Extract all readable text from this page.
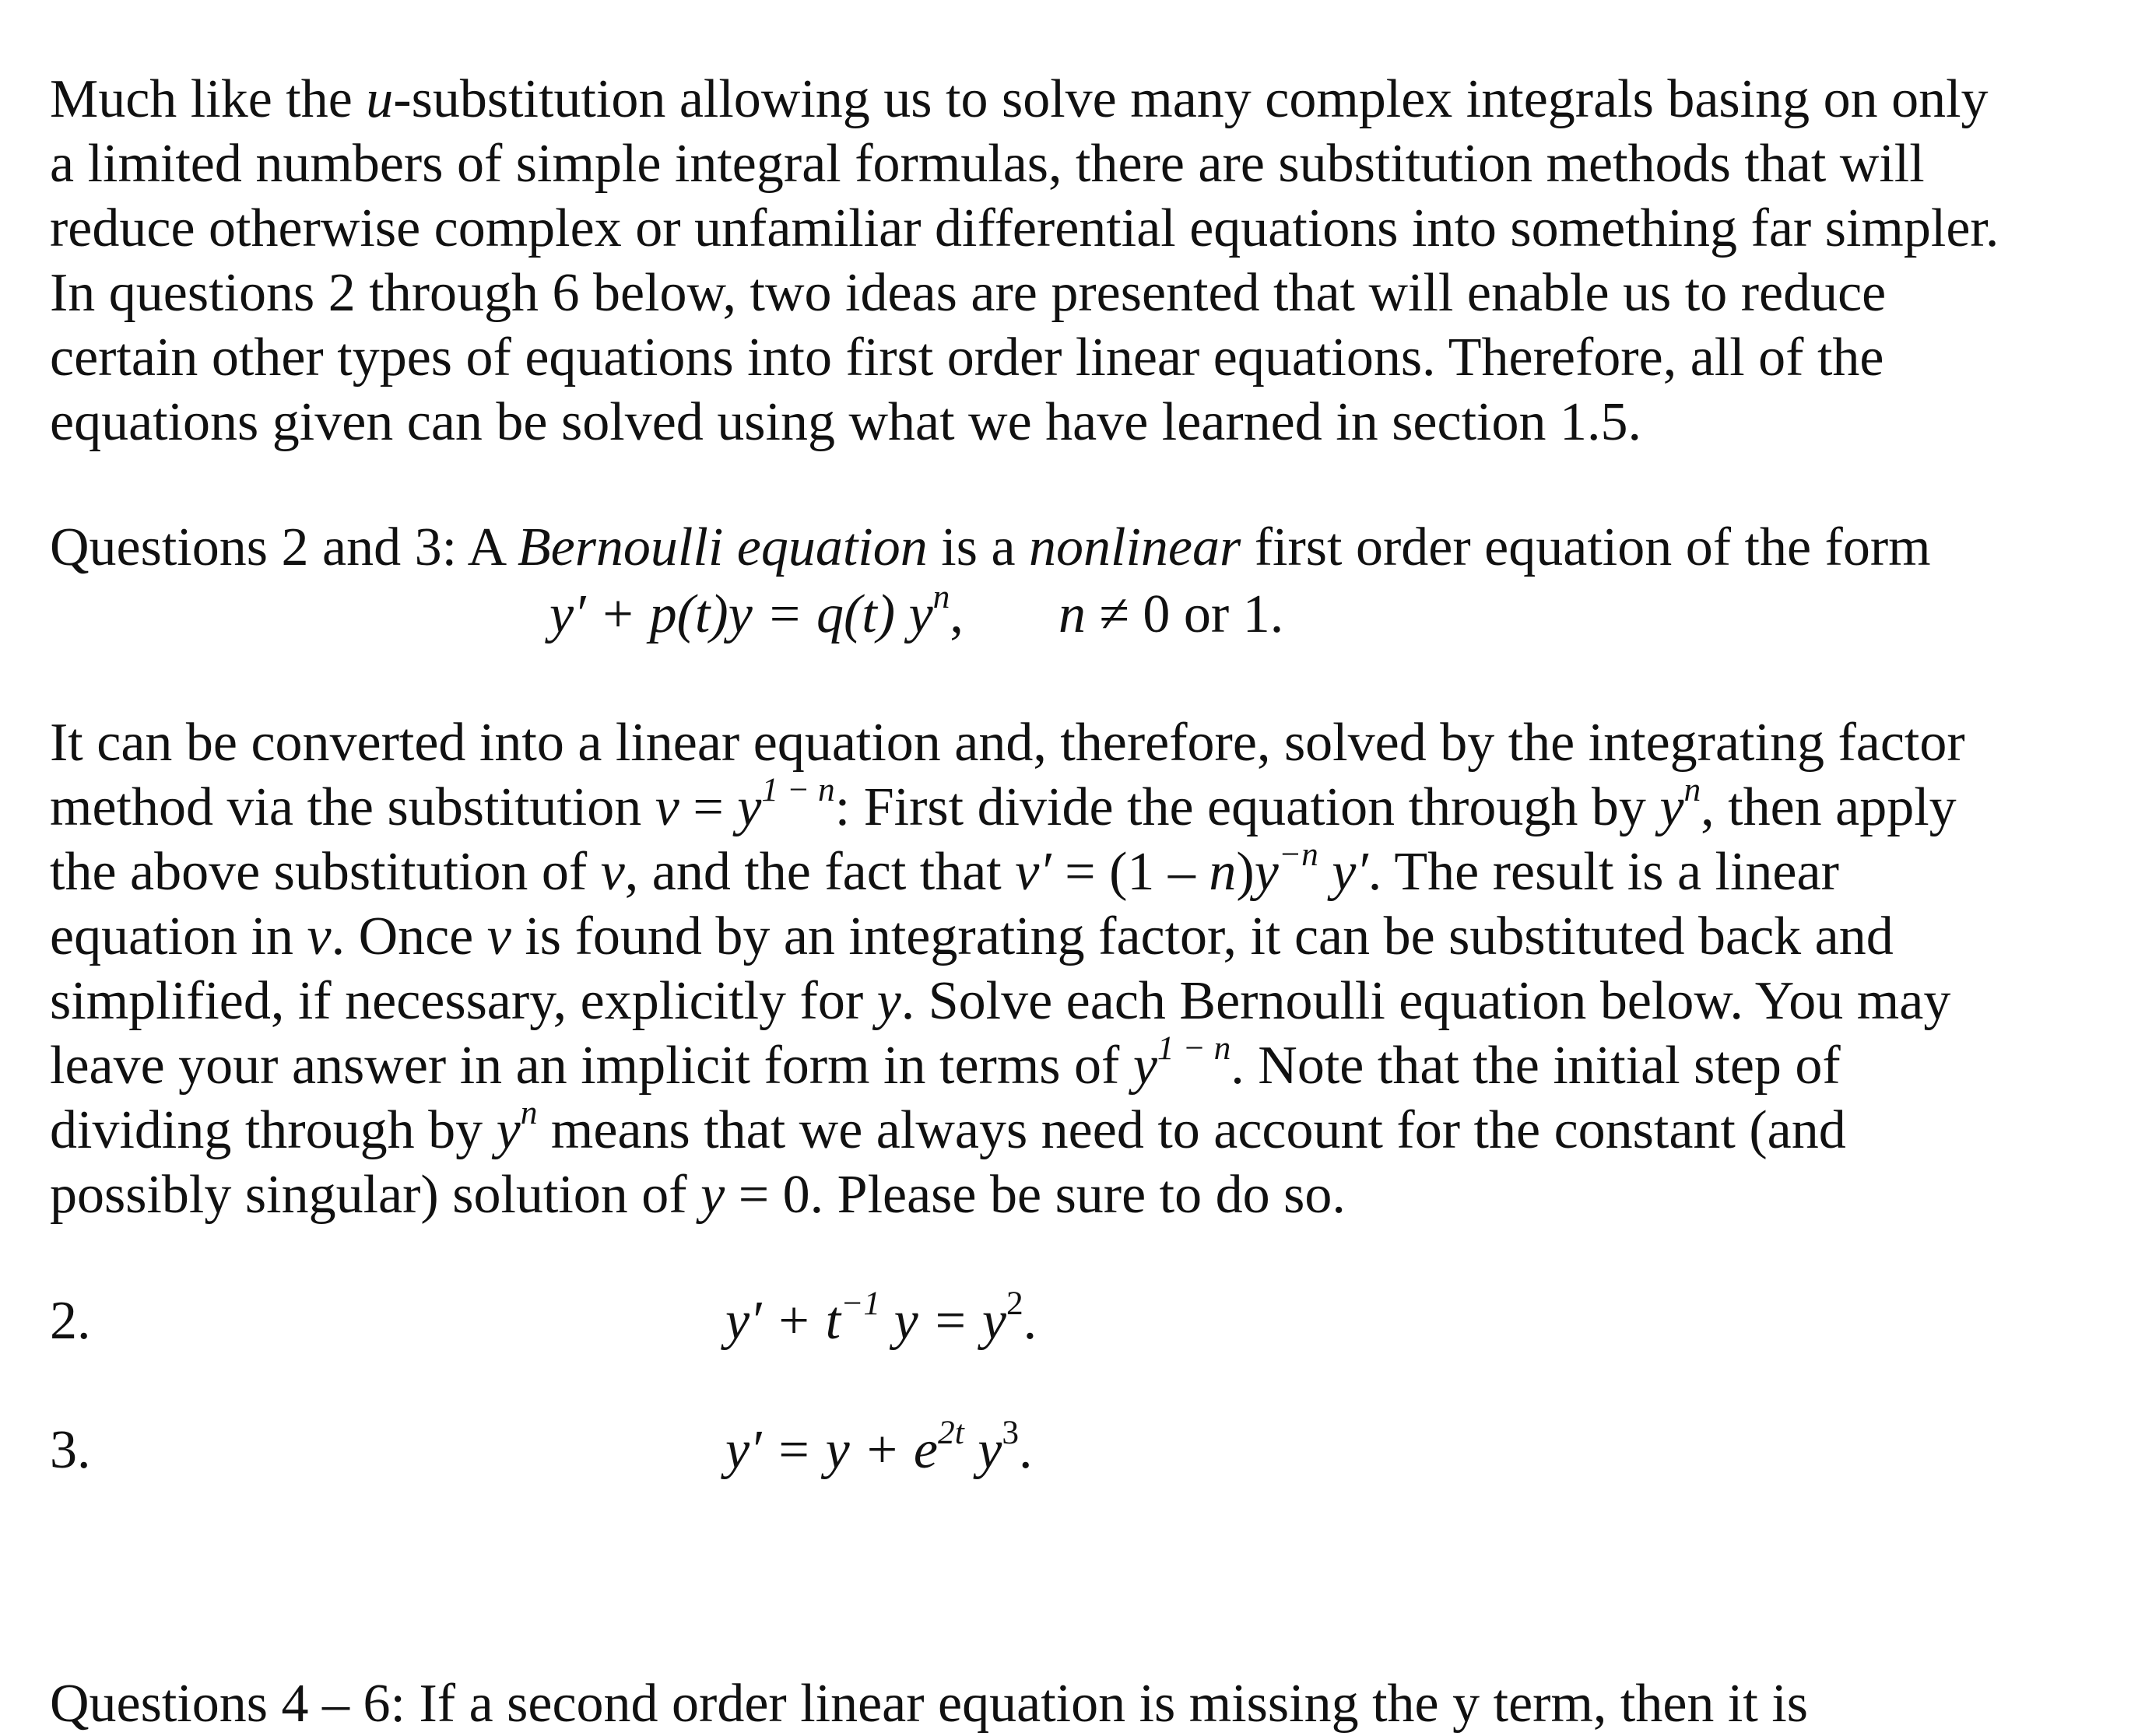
Much like the u-substitution allowing us to solve many complex integrals basing on only
a limited numbers of simple integral formulas, there are substitution methods that will
reduce otherwise complex or unfamiliar differential equations into something far simpler.
In questions 2 through 6 below, two ideas are presented that will enable us to reduce
certain other types of equations into first order linear equations. Therefore, all of the
equations given can be solved using what we have learned in section 1.5.
Questions 2 and 3: A Bernoulli equation is a nonlinear first order equation of the form
y′ + p(t)y = q(t) $y^n$, n ≠ 0 or 1.
It can be converted into a linear equation and, therefore, solved by the integrating factor
method via the substitution $v = y^{1 - n}$: First divide the equation through by $y^n$, then apply
the above substitution of v, and the fact that $v' = (1 - n)y^{-n}$ y′. The result is a linear
equation in v. Once v is found by an integrating factor, it can be substituted back and
simplified, if necessary, explicitly for y. Solve each Bernoulli equation below. You may
leave your answer in an implicit form in terms of $y^{1 - n}$. Note that the initial step of
dividing through by $y^n$ means that we always need to account for the constant (and
possibly singular) solution of y = 0. Please be sure to do so.
2.	$y' + t^{-1}$ $y = y^2$.
3.	$y' = y + e^{2t}$ $y^3$.
Questions 4 – 6: If a second order linear equation is missing the y term, then it is
